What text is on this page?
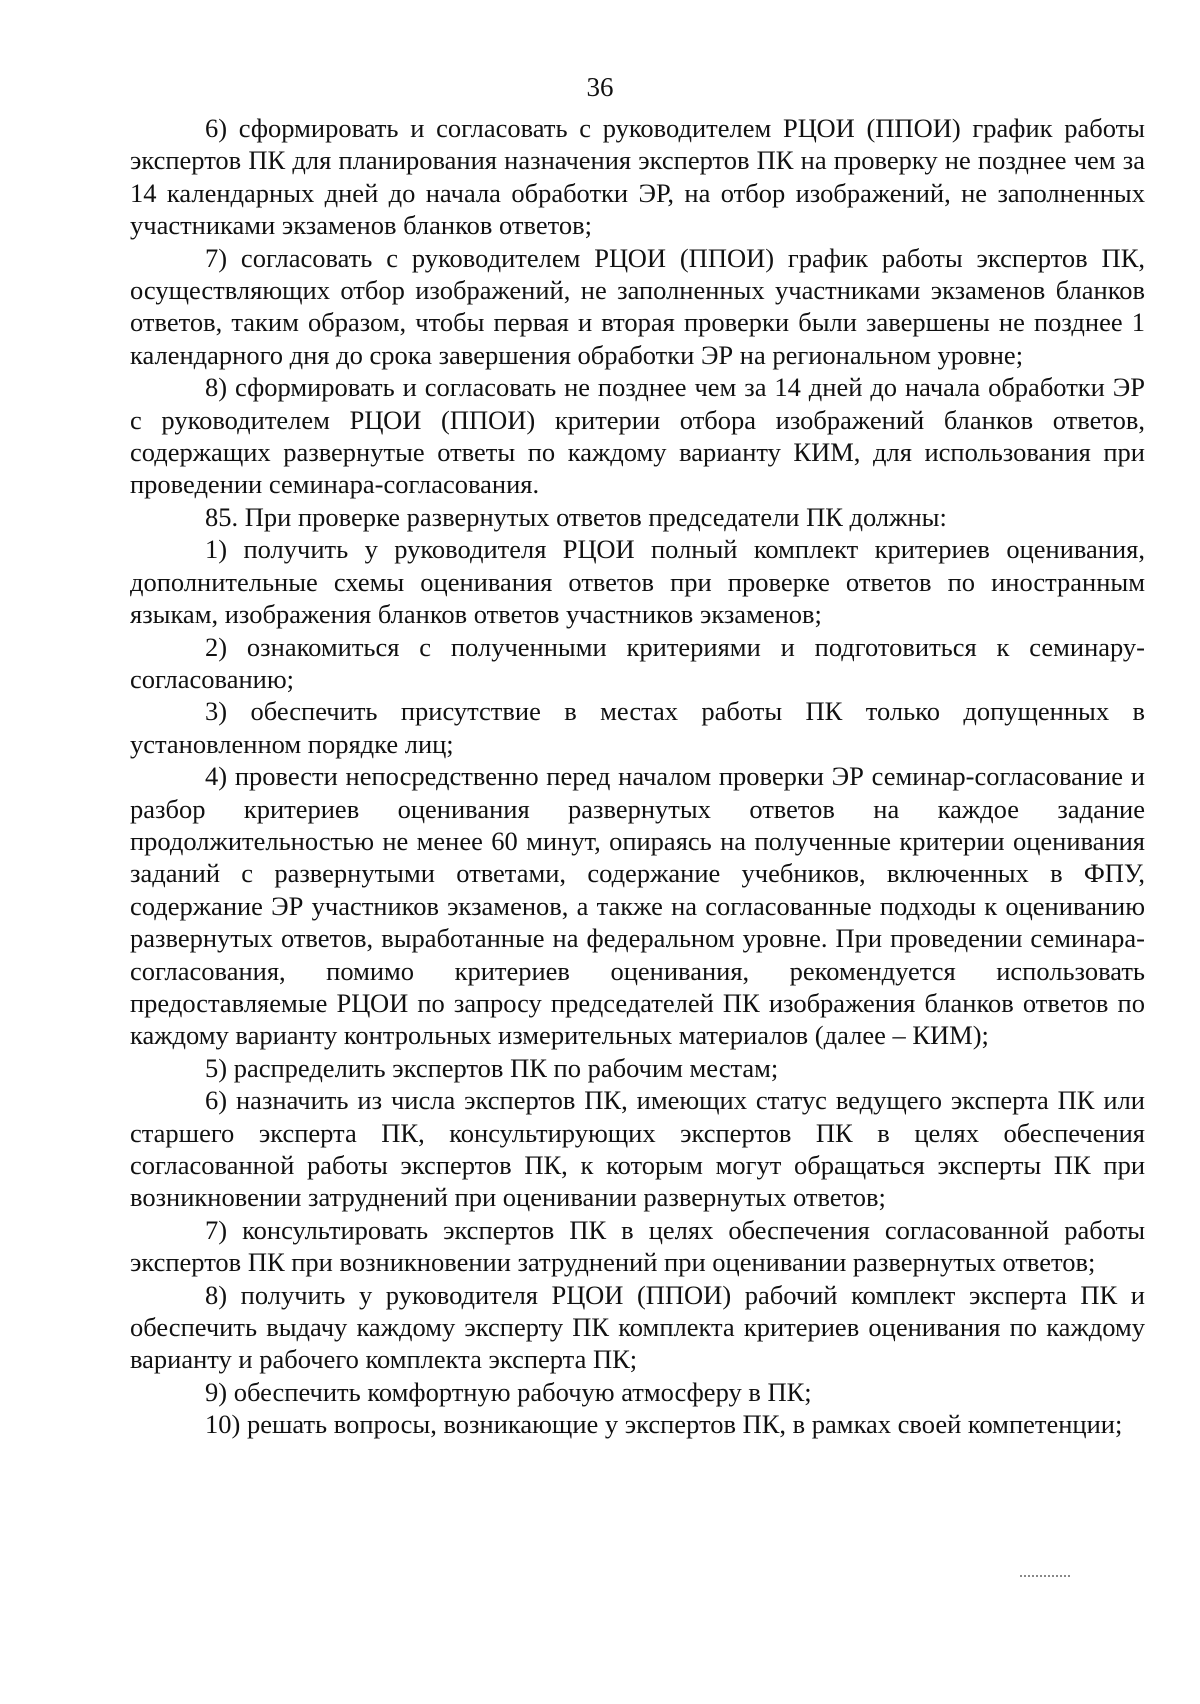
36

6) сформировать и согласовать с руководителем РЦОИ (ППОИ) график работы экспертов ПК для планирования назначения экспертов ПК на проверку не позднее чем за 14 календарных дней до начала обработки ЭР, на отбор изображений, не заполненных участниками экзаменов бланков ответов;

7) согласовать с руководителем РЦОИ (ППОИ) график работы экспертов ПК, осуществляющих отбор изображений, не заполненных участниками экзаменов бланков ответов, таким образом, чтобы первая и вторая проверки были завершены не позднее 1 календарного дня до срока завершения обработки ЭР на региональном уровне;

8) сформировать и согласовать не позднее чем за 14 дней до начала обработки ЭР с руководителем РЦОИ (ППОИ) критерии отбора изображений бланков ответов, содержащих развернутые ответы по каждому варианту КИМ, для использования при проведении семинара-согласования.

85. При проверке развернутых ответов председатели ПК должны:

1) получить у руководителя РЦОИ полный комплект критериев оценивания, дополнительные схемы оценивания ответов при проверке ответов по иностранным языкам, изображения бланков ответов участников экзаменов;

2) ознакомиться с полученными критериями и подготовиться к семинару-согласованию;

3) обеспечить присутствие в местах работы ПК только допущенных в установленном порядке лиц;

4) провести непосредственно перед началом проверки ЭР семинар-согласование и разбор критериев оценивания развернутых ответов на каждое задание продолжительностью не менее 60 минут, опираясь на полученные критерии оценивания заданий с развернутыми ответами, содержание учебников, включенных в ФПУ, содержание ЭР участников экзаменов, а также на согласованные подходы к оцениванию развернутых ответов, выработанные на федеральном уровне. При проведении семинара- согласования, помимо критериев оценивания, рекомендуется использовать предоставляемые РЦОИ по запросу председателей ПК изображения бланков ответов по каждому варианту контрольных измерительных материалов (далее – КИМ);

5) распределить экспертов ПК по рабочим местам;

6) назначить из числа экспертов ПК, имеющих статус ведущего эксперта ПК или старшего эксперта ПК, консультирующих экспертов ПК в целях обеспечения согласованной работы экспертов ПК, к которым могут обращаться эксперты ПК при возникновении затруднений при оценивании развернутых ответов;

7) консультировать экспертов ПК в целях обеспечения согласованной работы экспертов ПК при возникновении затруднений при оценивании развернутых ответов;

8) получить у руководителя РЦОИ (ППОИ) рабочий комплект эксперта ПК и обеспечить выдачу каждому эксперту ПК комплекта критериев оценивания по каждому варианту и рабочего комплекта эксперта ПК;

9) обеспечить комфортную рабочую атмосферу в ПК;

10) решать вопросы, возникающие у экспертов ПК, в рамках своей компетенции;
